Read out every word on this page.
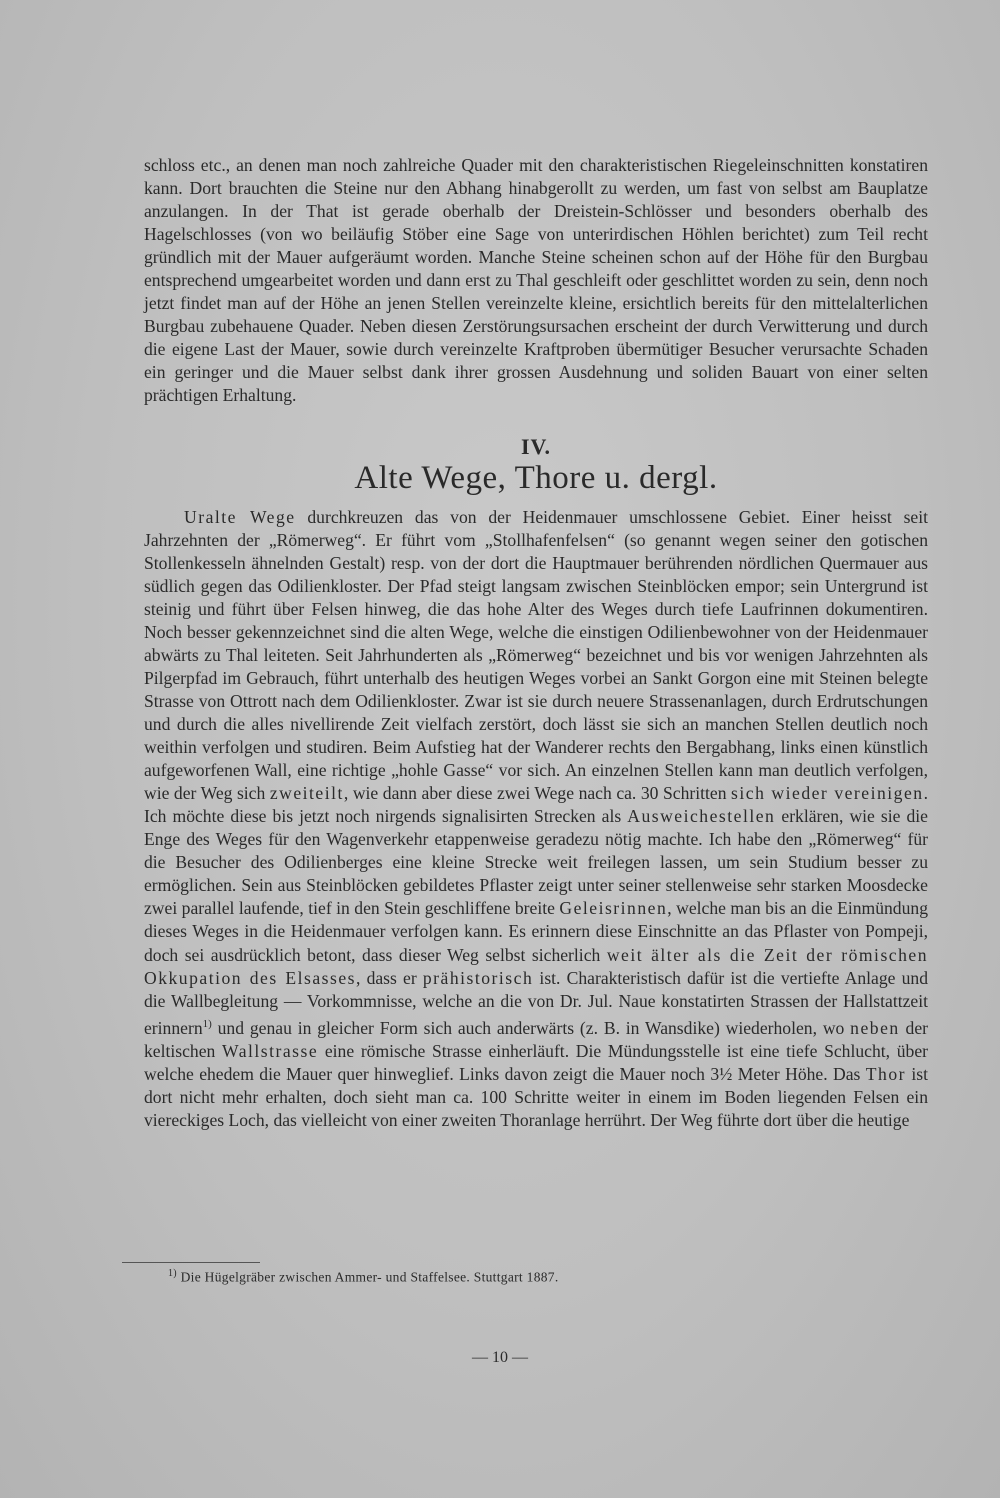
schloss etc., an denen man noch zahlreiche Quader mit den charakteristischen Riegeleinschnitten konstatiren kann. Dort brauchten die Steine nur den Abhang hinabgerollt zu werden, um fast von selbst am Bauplatze anzulangen. In der That ist gerade oberhalb der Dreistein-Schlösser und besonders oberhalb des Hagelschlosses (von wo beiläufig Stöber eine Sage von unterirdischen Höhlen berichtet) zum Teil recht gründlich mit der Mauer aufgeräumt worden. Manche Steine scheinen schon auf der Höhe für den Burgbau entsprechend umgearbeitet worden und dann erst zu Thal geschleift oder geschlittet worden zu sein, denn noch jetzt findet man auf der Höhe an jenen Stellen vereinzelte kleine, ersichtlich bereits für den mittelalterlichen Burgbau zubehauene Quader. Neben diesen Zerstörungsursachen erscheint der durch Verwitterung und durch die eigene Last der Mauer, sowie durch vereinzelte Kraftproben übermütiger Besucher verursachte Schaden ein geringer und die Mauer selbst dank ihrer grossen Ausdehnung und soliden Bauart von einer selten prächtigen Erhaltung.

IV.
Alte Wege, Thore u. dergl.

Uralte Wege durchkreuzen das von der Heidenmauer umschlossene Gebiet. Einer heisst seit Jahrzehnten der „Römerweg“. Er führt vom „Stollhafenfelsen“ (so genannt wegen seiner den gotischen Stollenkesseln ähnelnden Gestalt) resp. von der dort die Hauptmauer berührenden nördlichen Quermauer aus südlich gegen das Odilienkloster. Der Pfad steigt langsam zwischen Steinblöcken empor; sein Untergrund ist steinig und führt über Felsen hinweg, die das hohe Alter des Weges durch tiefe Laufrinnen dokumentiren. Noch besser gekennzeichnet sind die alten Wege, welche die einstigen Odilienbewohner von der Heidenmauer abwärts zu Thal leiteten. Seit Jahrhunderten als „Römerweg“ bezeichnet und bis vor wenigen Jahrzehnten als Pilgerpfad im Gebrauch, führt unterhalb des heutigen Weges vorbei an Sankt Gorgon eine mit Steinen belegte Strasse von Ottrott nach dem Odilienkloster. Zwar ist sie durch neuere Strassenanlagen, durch Erdrutschungen und durch die alles nivellirende Zeit vielfach zerstört, doch lässt sie sich an manchen Stellen deutlich noch weithin verfolgen und studiren. Beim Aufstieg hat der Wanderer rechts den Bergabhang, links einen künstlich aufgeworfenen Wall, eine richtige „hohle Gasse“ vor sich. An einzelnen Stellen kann man deutlich verfolgen, wie der Weg sich zweiteilt, wie dann aber diese zwei Wege nach ca. 30 Schritten sich wieder vereinigen. Ich möchte diese bis jetzt noch nirgends signalisirten Strecken als Ausweichestellen erklären, wie sie die Enge des Weges für den Wagenverkehr etappenweise geradezu nötig machte. Ich habe den „Römerweg“ für die Besucher des Odilienberges eine kleine Strecke weit freilegen lassen, um sein Studium besser zu ermöglichen. Sein aus Steinblöcken gebildetes Pflaster zeigt unter seiner stellenweise sehr starken Moosdecke zwei parallel laufende, tief in den Stein geschliffene breite Geleisrinnen, welche man bis an die Einmündung dieses Weges in die Heidenmauer verfolgen kann. Es erinnern diese Einschnitte an das Pflaster von Pompeji, doch sei ausdrücklich betont, dass dieser Weg selbst sicherlich weit älter als die Zeit der römischen Okkupation des Elsasses, dass er prähistorisch ist. Charakteristisch dafür ist die vertiefte Anlage und die Wallbegleitung — Vorkommnisse, welche an die von Dr. Jul. Naue konstatirten Strassen der Hallstattzeit erinnern$^{1)}$ und genau in gleicher Form sich auch anderwärts (z. B. in Wansdike) wiederholen, wo neben der keltischen Wallstrasse eine römische Strasse einherläuft. Die Mündungsstelle ist eine tiefe Schlucht, über welche ehedem die Mauer quer hinweglief. Links davon zeigt die Mauer noch 3½ Meter Höhe. Das Thor ist dort nicht mehr erhalten, doch sieht man ca. 100 Schritte weiter in einem im Boden liegenden Felsen ein viereckiges Loch, das vielleicht von einer zweiten Thoranlage herrührt. Der Weg führte dort über die heutige

$^{1)}$ Die Hügelgräber zwischen Ammer- und Staffelsee. Stuttgart 1887.
— 10 —
